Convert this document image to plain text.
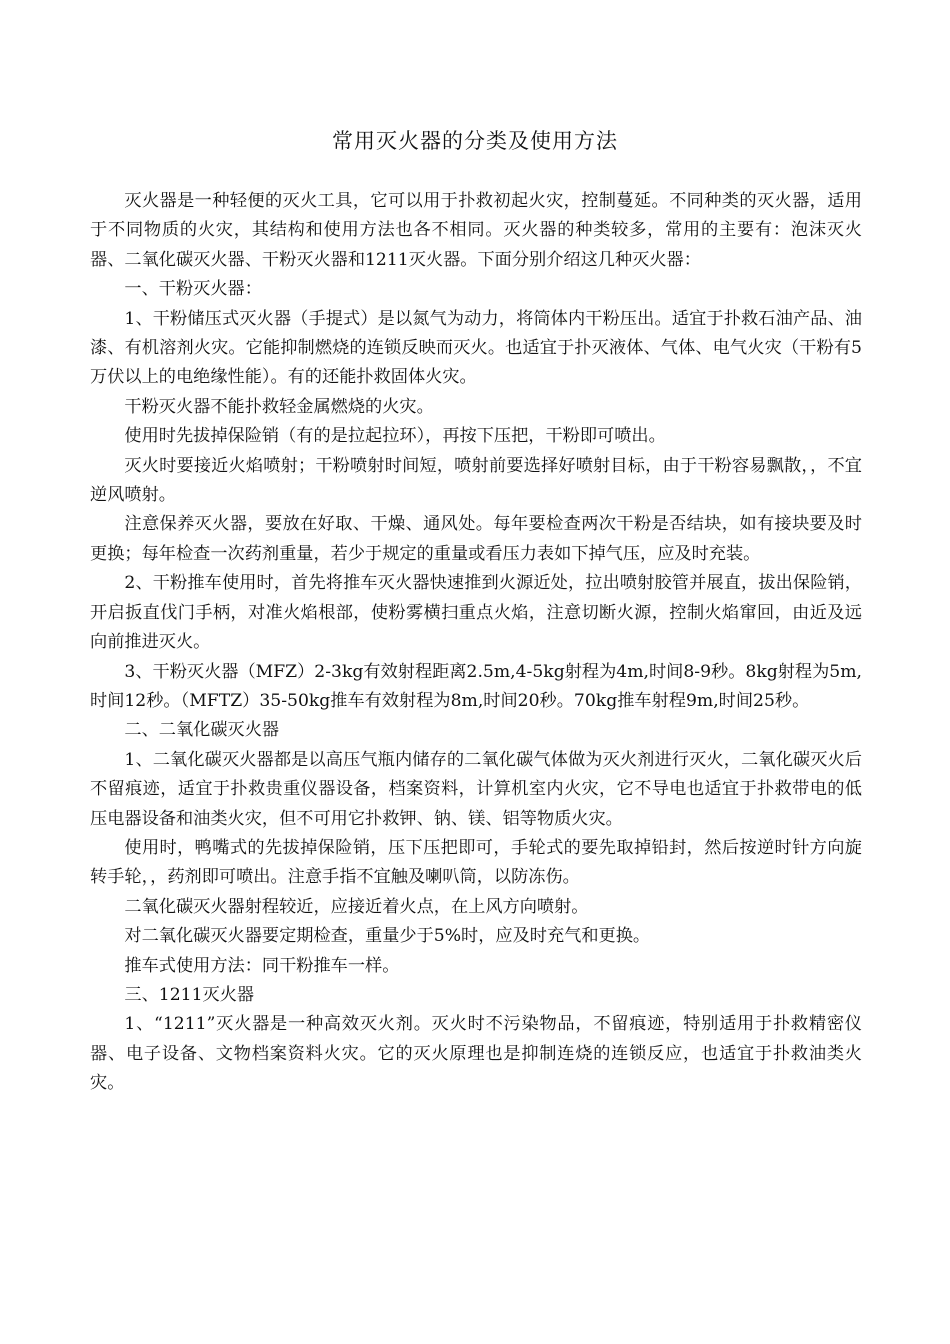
常用灭火器的分类及使用方法

灭火器是一种轻便的灭火工具，它可以用于扑救初起火灾，控制蔓延。不同种类的灭火器，适用于不同物质的火灾，其结构和使用方法也各不相同。灭火器的种类较多，常用的主要有：泡沫灭火器、二氧化碳灭火器、干粉灭火器和1211灭火器。下面分别介绍这几种灭火器：

一、干粉灭火器：

1、干粉储压式灭火器（手提式）是以氮气为动力，将筒体内干粉压出。适宜于扑救石油产品、油漆、有机溶剂火灾。它能抑制燃烧的连锁反映而灭火。也适宜于扑灭液体、气体、电气火灾（干粉有5万伏以上的电绝缘性能）。有的还能扑救固体火灾。

干粉灭火器不能扑救轻金属燃烧的火灾。

使用时先拔掉保险销（有的是拉起拉环），再按下压把，干粉即可喷出。

灭火时要接近火焰喷射；干粉喷射时间短，喷射前要选择好喷射目标，由于干粉容易飘散，，不宜逆风喷射。

注意保养灭火器，要放在好取、干燥、通风处。每年要检查两次干粉是否结块，如有接块要及时更换；每年检查一次药剂重量，若少于规定的重量或看压力表如下掉气压，应及时充装。

2、干粉推车使用时，首先将推车灭火器快速推到火源近处，拉出喷射胶管并展直，拔出保险销，开启扳直伐门手柄，对准火焰根部，使粉雾横扫重点火焰，注意切断火源，控制火焰窜回，由近及远向前推进灭火。

3、干粉灭火器（MFZ）2-3kg有效射程距离2.5m,4-5kg射程为4m,时间8-9秒。8kg射程为5m,时间12秒。（MFTZ）35-50kg推车有效射程为8m,时间20秒。70kg推车射程9m,时间25秒。

二、二氧化碳灭火器

1、二氧化碳灭火器都是以高压气瓶内储存的二氧化碳气体做为灭火剂进行灭火，二氧化碳灭火后不留痕迹，适宜于扑救贵重仪器设备，档案资料，计算机室内火灾，它不导电也适宜于扑救带电的低压电器设备和油类火灾，但不可用它扑救钾、钠、镁、铝等物质火灾。

使用时，鸭嘴式的先拔掉保险销，压下压把即可，手轮式的要先取掉铅封，然后按逆时针方向旋转手轮，，药剂即可喷出。注意手指不宜触及喇叭筒，以防冻伤。

二氧化碳灭火器射程较近，应接近着火点，在上风方向喷射。

对二氧化碳灭火器要定期检查，重量少于5%时，应及时充气和更换。

推车式使用方法：同干粉推车一样。

三、1211灭火器

1、“1211”灭火器是一种高效灭火剂。灭火时不污染物品，不留痕迹，特别适用于扑救精密仪器、电子设备、文物档案资料火灾。它的灭火原理也是抑制连烧的连锁反应，也适宜于扑救油类火灾。
